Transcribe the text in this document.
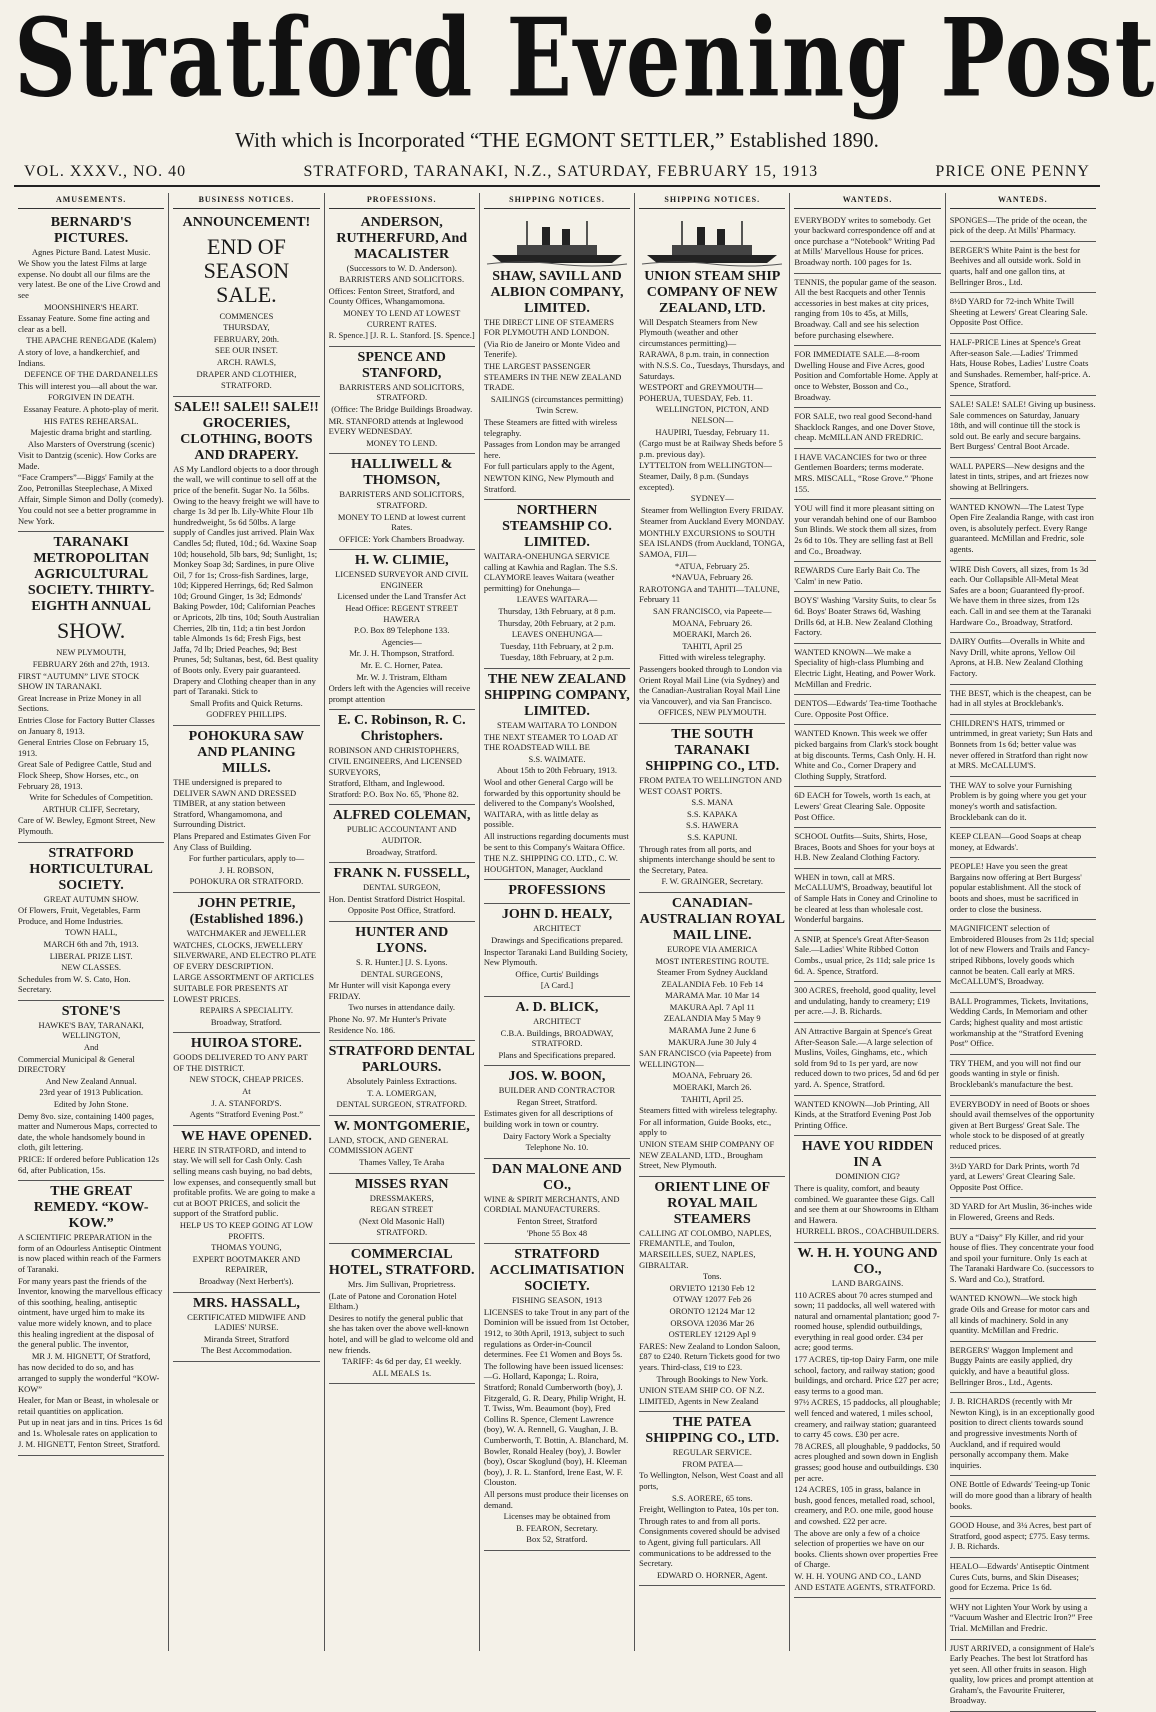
Stratford Evening Post
With which is Incorporated “THE EGMONT SETTLER,” Established 1890.
VOL. XXXV., NO. 40	STRATFORD, TARANAKI, N.Z., SATURDAY, FEBRUARY 15, 1913	PRICE ONE PENNY
AMUSEMENTS.
BERNARD'S PICTURES.

Agnes Picture Band. Latest Music.

We Show you the latest Films at large expense. No doubt all our films are the very latest. Be one of the Live Crowd and see

MOONSHINER'S HEART.

Essanay Feature. Some fine acting and clear as a bell.

THE APACHE RENEGADE (Kalem)

A story of love, a handkerchief, and Indians.

DEFENCE OF THE DARDANELLES

This will interest you—all about the war.

FORGIVEN IN DEATH.

Essanay Feature. A photo-play of merit.

HIS FATES REHEARSAL.

Majestic drama bright and startling.

Also Marsters of Overstrung (scenic)

Visit to Dantzig (scenic). How Corks are Made.

“Face Crampers”—Biggs' Family at the Zoo, Petronillas Steeplechase, A Mixed Affair, Simple Simon and Dolly (comedy).

You could not see a better programme in New York.

TARANAKI METROPOLITAN AGRICULTURAL SOCIETY. THIRTY-EIGHTH ANNUAL
SHOW.

NEW PLYMOUTH,

FEBRUARY 26th and 27th, 1913.

FIRST “AUTUMN” LIVE STOCK SHOW IN TARANAKI.

Great Increase in Prize Money in all Sections.

Entries Close for Factory Butter Classes on January 8, 1913.

General Entries Close on February 15, 1913.

Great Sale of Pedigree Cattle, Stud and Flock Sheep, Show Horses, etc., on February 28, 1913.

Write for Schedules of Competition.

ARTHUR CLIFF, Secretary,

Care of W. Bewley, Egmont Street, New Plymouth.

STRATFORD HORTICULTURAL SOCIETY.

GREAT AUTUMN SHOW.

Of Flowers, Fruit, Vegetables, Farm Produce, and Home Industries.

TOWN HALL,

MARCH 6th and 7th, 1913.

LIBERAL PRIZE LIST.

NEW CLASSES.

Schedules from W. S. Cato, Hon. Secretary.

STONE'S

HAWKE'S BAY, TARANAKI, WELLINGTON,

And

Commercial Municipal & General DIRECTORY

And New Zealand Annual.

23rd year of 1913 Publication.

Edited by John Stone.

Demy 8vo. size, containing 1400 pages, matter and Numerous Maps, corrected to date, the whole handsomely bound in cloth, gilt lettering.

PRICE: If ordered before Publication 12s 6d, after Publication, 15s.

THE GREAT REMEDY. “KOW-KOW.”

A SCIENTIFIC PREPARATION in the form of an Odourless Antiseptic Ointment is now placed within reach of the Farmers of Taranaki.

For many years past the friends of the Inventor, knowing the marvellous efficacy of this soothing, healing, antiseptic ointment, have urged him to make its value more widely known, and to place this healing ingredient at the disposal of the general public. The inventor,

MR J. M. HIGNETT, Of Stratford,

has now decided to do so, and has arranged to supply the wonderful “KOW-KOW”

Healer, for Man or Beast, in wholesale or retail quantities on application.

Put up in neat jars and in tins. Prices 1s 6d and 1s. Wholesale rates on application to

J. M. HIGNETT, Fenton Street, Stratford.

BUSINESS NOTICES.
ANNOUNCEMENT!
END OF SEASON SALE.

COMMENCES

THURSDAY,

FEBRUARY, 20th.

SEE OUR INSET.

ARCH. RAWLS,

DRAPER AND CLOTHIER,

STRATFORD.

SALE!! SALE!! SALE!! GROCERIES, CLOTHING, BOOTS AND DRAPERY.

AS My Landlord objects to a door through the wall, we will continue to sell off at the price of the benefit. Sugar No. 1a 56lbs. Owing to the heavy freight we will have to charge 1s 3d per lb. Lily-White Flour 1lb hundredweight, 5s 6d 50lbs. A large supply of Candles just arrived. Plain Wax Candles 5d; fluted, 10d.; 6d. Waxine Soap 10d; household, 5lb bars, 9d; Sunlight, 1s; Monkey Soap 3d; Sardines, in pure Olive Oil, 7 for 1s; Cross-fish Sardines, large, 10d; Kippered Herrings, 6d; Red Salmon 10d; Ground Ginger, 1s 3d; Edmonds' Baking Powder, 10d; Californian Peaches or Apricots, 2lb tins, 10d; South Australian Cherries, 2lb tin, 11d; a tin best Jordon table Almonds 1s 6d; Fresh Figs, best Jaffa, 7d lb; Dried Peaches, 9d; Best Prunes, 5d; Sultanas, best, 6d. Best quality of Boots only. Every pair guaranteed. Drapery and Clothing cheaper than in any part of Taranaki. Stick to

Small Profits and Quick Returns.

GODFREY PHILLIPS.

POHOKURA SAW AND PLANING MILLS.

THE undersigned is prepared to DELIVER SAWN AND DRESSED TIMBER, at any station between Stratford, Whangamomona, and Surrounding District.

Plans Prepared and Estimates Given For Any Class of Building.

For further particulars, apply to—

J. H. ROBSON,

POHOKURA OR STRATFORD.

JOHN PETRIE, (Established 1896.)

WATCHMAKER and JEWELLER

WATCHES, CLOCKS, JEWELLERY SILVERWARE, AND ELECTRO PLATE OF EVERY DESCRIPTION.

LARGE ASSORTMENT OF ARTICLES SUITABLE FOR PRESENTS AT LOWEST PRICES.

REPAIRS A SPECIALITY.

Broadway, Stratford.

HUIROA STORE.

GOODS DELIVERED TO ANY PART OF THE DISTRICT.

NEW STOCK, CHEAP PRICES.

At

J. A. STANFORD'S.

Agents “Stratford Evening Post.”

WE HAVE OPENED.

HERE IN STRATFORD, and intend to stay. We will sell for Cash Only. Cash selling means cash buying, no bad debts, low expenses, and consequently small but profitable profits. We are going to make a cut at BOOT PRICES, and solicit the support of the Stratford public.

HELP US TO KEEP GOING AT LOW PROFITS.

THOMAS YOUNG,

EXPERT BOOTMAKER AND REPAIRER,

Broadway (Next Herbert's).

MRS. HASSALL,

CERTIFICATED MIDWIFE AND LADIES' NURSE.

Miranda Street, Stratford

The Best Accommodation.

PROFESSIONS.
ANDERSON, RUTHERFURD, And MACALISTER

(Successors to W. D. Anderson).

BARRISTERS AND SOLICITORS.

Offices: Fenton Street, Stratford, and County Offices, Whangamomona.

MONEY TO LEND AT LOWEST CURRENT RATES.

R. Spence.] [J. R. L. Stanford. [S. Spence.]

SPENCE AND STANFORD,

BARRISTERS AND SOLICITORS, STRATFORD.

(Office: The Bridge Buildings Broadway.

MR. STANFORD attends at Inglewood EVERY WEDNESDAY.

MONEY TO LEND.

HALLIWELL & THOMSON,

BARRISTERS AND SOLICITORS, STRATFORD.

MONEY TO LEND at lowest current Rates.

OFFICE: York Chambers Broadway.

H. W. CLIMIE,

LICENSED SURVEYOR AND CIVIL ENGINEER

Licensed under the Land Transfer Act

Head Office: REGENT STREET HAWERA

P.O. Box 89 Telephone 133.

Agencies—

Mr. J. H. Thompson, Stratford.

Mr. E. C. Horner, Patea.

Mr. W. J. Tristram, Eltham

Orders left with the Agencies will receive prompt attention

E. C. Robinson, R. C. Christophers.

ROBINSON AND CHRISTOPHERS, CIVIL ENGINEERS, And LICENSED SURVEYORS,

Stratford, Eltham, and Inglewood. Stratford: P.O. Box No. 65, 'Phone 82.

ALFRED COLEMAN,

PUBLIC ACCOUNTANT AND AUDITOR.

Broadway, Stratford.

FRANK N. FUSSELL,

DENTAL SURGEON,

Hon. Dentist Stratford District Hospital.

Opposite Post Office, Stratford.

HUNTER AND LYONS.

S. R. Hunter.] [J. S. Lyons.

DENTAL SURGEONS,

Mr Hunter will visit Kaponga every FRIDAY.

Two nurses in attendance daily.

Phone No. 97. Mr Hunter's Private Residence No. 186.

STRATFORD DENTAL PARLOURS.

Absolutely Painless Extractions.

T. A. LOMERGAN,

DENTAL SURGEON, STRATFORD.

W. MONTGOMERIE,

LAND, STOCK, AND GENERAL COMMISSION AGENT

Thames Valley, Te Araha

MISSES RYAN

DRESSMAKERS,

REGAN STREET

(Next Old Masonic Hall)

STRATFORD.

COMMERCIAL HOTEL, STRATFORD.

Mrs. Jim Sullivan, Proprietress.

(Late of Patone and Coronation Hotel Eltham.)

Desires to notify the general public that she has taken over the above well-known hotel, and will be glad to welcome old and new friends.

TARIFF: 4s 6d per day, £1 weekly.

ALL MEALS 1s.

SHIPPING NOTICES.
SHAW, SAVILL AND ALBION COMPANY, LIMITED.

THE DIRECT LINE OF STEAMERS FOR PLYMOUTH AND LONDON.

(Via Rio de Janeiro or Monte Video and Tenerife).

THE LARGEST PASSENGER STEAMERS IN THE NEW ZEALAND TRADE.

SAILINGS (circumstances permitting)

Twin Screw.

These Steamers are fitted with wireless telegraphy.

Passages from London may be arranged here.

For full particulars apply to the Agent,

NEWTON KING, New Plymouth and Stratford.

NORTHERN STEAMSHIP CO. LIMITED.

WAITARA-ONEHUNGA SERVICE calling at Kawhia and Raglan. The S.S. CLAYMORE leaves Waitara (weather permitting) for Onehunga—

LEAVES WAITARA—

Thursday, 13th February, at 8 p.m.

Thursday, 20th February, at 2 p.m.

LEAVES ONEHUNGA—

Tuesday, 11th February, at 2 p.m.

Tuesday, 18th February, at 2 p.m.

THE NEW ZEALAND SHIPPING COMPANY, LIMITED.

STEAM WAITARA TO LONDON

THE NEXT STEAMER TO LOAD AT THE ROADSTEAD WILL BE

S.S. WAIMATE.

About 15th to 20th February, 1913.

Wool and other General Cargo will be forwarded by this opportunity should be delivered to the Company's Woolshed, WAITARA, with as little delay as possible.

All instructions regarding documents must be sent to this Company's Waitara Office.

THE N.Z. SHIPPING CO. LTD., C. W. HOUGHTON, Manager, Auckland

PROFESSIONS
JOHN D. HEALY,

ARCHITECT

Drawings and Specifications prepared.

Inspector Taranaki Land Building Society, New Plymouth.

Office, Curtis' Buildings

[A Card.]

A. D. BLICK,

ARCHITECT

C.B.A. Buildings, BROADWAY, STRATFORD.

Plans and Specifications prepared.

JOS. W. BOON,

BUILDER AND CONTRACTOR

Regan Street, Stratford.

Estimates given for all descriptions of building work in town or country.

Dairy Factory Work a Specialty

Telephone No. 10.

DAN MALONE AND CO.,

WINE & SPIRIT MERCHANTS, AND CORDIAL MANUFACTURERS.

Fenton Street, Stratford

'Phone 55 Box 48

STRATFORD ACCLIMATISATION SOCIETY.

FISHING SEASON, 1913

LICENSES to take Trout in any part of the Dominion will be issued from 1st October, 1912, to 30th April, 1913, subject to such regulations as Order-in-Council determines. Fee £1 Women and Boys 5s.

The following have been issued licenses:—G. Hollard, Kaponga; L. Roira, Stratford; Ronald Cumberworth (boy), J. Fitzgerald, G. R. Deary, Philip Wright, H. T. Twiss, Wm. Beaumont (boy), Fred Collins R. Spence, Clement Lawrence (boy), W. A. Rennell, G. Vaughan, J. B. Cumberworth, T. Bottin, A. Blanchard, M. Bowler, Ronald Healey (boy), J. Bowler (boy), Oscar Skoglund (boy), H. Kleeman (boy), J. R. L. Stanford, Irene East, W. F. Clouston.

All persons must produce their licenses on demand.

Licenses may be obtained from

B. FEARON, Secretary.

Box 52, Stratford.

SHIPPING NOTICES.
UNION STEAM SHIP COMPANY OF NEW ZEALAND, LTD.

Will Despatch Steamers from New Plymouth (weather and other circumstances permitting)—

RARAWA, 8 p.m. train, in connection with N.S.S. Co., Tuesdays, Thursdays, and Saturdays.

WESTPORT and GREYMOUTH—POHERUA, TUESDAY, Feb. 11.

WELLINGTON, PICTON, AND NELSON—

HAUPIRI, Tuesday, February 11.

(Cargo must be at Railway Sheds before 5 p.m. previous day).

LYTTELTON from WELLINGTON—Steamer, Daily, 8 p.m. (Sundays excepted).

SYDNEY—

Steamer from Wellington Every FRIDAY.

Steamer from Auckland Every MONDAY.

MONTHLY EXCURSIONS to SOUTH SEA ISLANDS (from Auckland, TONGA, SAMOA, FIJI—

*ATUA, February 25.

*NAVUA, February 26.

RAROTONGA and TAHITI—TALUNE, February 11

SAN FRANCISCO, via Papeete—

MOANA, February 26.

MOERAKI, March 26.

TAHITI, April 25

Fitted with wireless telegraphy.

Passengers booked through to London via Orient Royal Mail Line (via Sydney) and the Canadian-Australian Royal Mail Line via Vancouver), and via San Francisco.

OFFICES, NEW PLYMOUTH.

THE SOUTH TARANAKI SHIPPING CO., LTD.

FROM PATEA TO WELLINGTON AND WEST COAST PORTS.

S.S. MANA

S.S. KAPAKA

S.S. HAWERA

S.S. KAPUNI.

Through rates from all ports, and shipments interchange should be sent to the Secretary, Patea.

F. W. GRAINGER, Secretary.

CANADIAN-AUSTRALIAN ROYAL MAIL LINE.

EUROPE VIA AMERICA

MOST INTERESTING ROUTE.

Steamer From Sydney Auckland

ZEALANDIA Feb. 10 Feb 14

MARAMA Mar. 10 Mar 14

MAKURA Apl. 7 Apl 11

ZEALANDIA May 5 May 9

MARAMA June 2 June 6

MAKURA June 30 July 4

SAN FRANCISCO (via Papeete) from WELLINGTON—

MOANA, February 26.

MOERAKI, March 26.

TAHITI, April 25.

Steamers fitted with wireless telegraphy.

For all information, Guide Books, etc., apply to

UNION STEAM SHIP COMPANY OF NEW ZEALAND, LTD., Brougham Street, New Plymouth.

ORIENT LINE OF ROYAL MAIL STEAMERS

CALLING AT COLOMBO, NAPLES, FREMANTLE, and Toulon, MARSEILLES, SUEZ, NAPLES, GIBRALTAR.

Tons.

ORVIETO 12130 Feb 12

OTWAY 12077 Feb 26

ORONTO 12124 Mar 12

ORSOVA 12036 Mar 26

OSTERLEY 12129 Apl 9

FARES: New Zealand to London Saloon, £87 to £240. Return Tickets good for two years. Third-class, £19 to £23.

Through Bookings to New York.

UNION STEAM SHIP CO. OF N.Z. LIMITED, Agents in New Zealand

THE PATEA SHIPPING CO., LTD.

REGULAR SERVICE.

FROM PATEA—

To Wellington, Nelson, West Coast and all ports,

S.S. AORERE, 65 tons.

Freight, Wellington to Patea, 10s per ton.

Through rates to and from all ports. Consignments covered should be advised to Agent, giving full particulars. All communications to be addressed to the Secretary.

EDWARD O. HORNER, Agent.

WANTEDS.

EVERYBODY writes to somebody. Get your backward correspondence off and at once purchase a “Notebook” Writing Pad at Mills' Marvellous House for prices. Broadway north. 100 pages for 1s.

TENNIS, the popular game of the season. All the best Racquets and other Tennis accessories in best makes at city prices, ranging from 10s to 45s, at Mills, Broadway. Call and see his selection before purchasing elsewhere.

FOR IMMEDIATE SALE.—8-room Dwelling House and Five Acres, good Position and Comfortable Home. Apply at once to Webster, Bosson and Co., Broadway.

FOR SALE, two real good Second-hand Shacklock Ranges, and one Dover Stove, cheap. McMILLAN AND FREDRIC.

I HAVE VACANCIES for two or three Gentlemen Boarders; terms moderate. MRS. MISCALL, “Rose Grove.” 'Phone 155.

YOU will find it more pleasant sitting on your verandah behind one of our Bamboo Sun Blinds. We stock them all sizes, from 2s 6d to 10s. They are selling fast at Bell and Co., Broadway.

REWARDS Cure Early Bait Co. The 'Calm' in new Patio.

BOYS' Washing 'Varsity Suits, to clear 5s 6d. Boys' Boater Straws 6d, Washing Drills 6d, at H.B. New Zealand Clothing Factory.

WANTED KNOWN—We make a Speciality of high-class Plumbing and Electric Light, Heating, and Power Work. McMillan and Fredric.

DENTOS—Edwards' Tea-time Toothache Cure. Opposite Post Office.

WANTED Known. This week we offer picked bargains from Clark's stock bought at big discounts. Terms, Cash Only. H. H. White and Co., Corner Drapery and Clothing Supply, Stratford.

6D EACH for Towels, worth 1s each, at Lewers' Great Clearing Sale. Opposite Post Office.

SCHOOL Outfits—Suits, Shirts, Hose, Braces, Boots and Shoes for your boys at H.B. New Zealand Clothing Factory.

WHEN in town, call at MRS. McCALLUM'S, Broadway, beautiful lot of Sample Hats in Coney and Crinoline to be cleared at less than wholesale cost. Wonderful bargains.

A SNIP, at Spence's Great After-Season Sale.—Ladies' White Ribbed Cotton Combs., usual price, 2s 11d; sale price 1s 6d. A. Spence, Stratford.

300 ACRES, freehold, good quality, level and undulating, handy to creamery; £19 per acre.—J. B. Richards.

AN Attractive Bargain at Spence's Great After-Season Sale.—A large selection of Muslins, Voiles, Ginghams, etc., which sold from 9d to 1s per yard, are now reduced down to two prices, 5d and 6d per yard. A. Spence, Stratford.

WANTED KNOWN—Job Printing, All Kinds, at the Stratford Evening Post Job Printing Office.

HAVE YOU RIDDEN IN A

DOMINION CIG?

There is quality, comfort, and beauty combined. We guarantee these Gigs. Call and see them at our Showrooms in Eltham and Hawera.

HURRELL BROS., COACHBUILDERS.

W. H. H. YOUNG AND CO.,

LAND BARGAINS.

110 ACRES about 70 acres stumped and sown; 11 paddocks, all well watered with natural and ornamental plantation; good 7-roomed house, splendid outbuildings, everything in real good order. £34 per acre; good terms.

177 ACRES, tip-top Dairy Farm, one mile school, factory, and railway station; good buildings, and orchard. Price £27 per acre; easy terms to a good man.

97½ ACRES, 15 paddocks, all ploughable; well fenced and watered, 1 miles school, creamery, and railway station; guaranteed to carry 45 cows. £30 per acre.

78 ACRES, all ploughable, 9 paddocks, 50 acres ploughed and sown down in English grasses; good house and outbuildings. £30 per acre.

124 ACRES, 105 in grass, balance in bush, good fences, metalled road, school, creamery, and P.O. one mile, good house and cowshed. £22 per acre.

The above are only a few of a choice selection of properties we have on our books. Clients shown over properties Free of Charge.

W. H. H. YOUNG AND CO., LAND AND ESTATE AGENTS, STRATFORD.

WANTEDS.

SPONGES—The pride of the ocean, the pick of the deep. At Mills' Pharmacy.

BERGER'S White Paint is the best for Beehives and all outside work. Sold in quarts, half and one gallon tins, at Bellringer Bros., Ltd.

8½D YARD for 72-inch White Twill Sheeting at Lewers' Great Clearing Sale. Opposite Post Office.

HALF-PRICE Lines at Spence's Great After-season Sale.—Ladies' Trimmed Hats, House Robes, Ladies' Lustre Coats and Sunshades. Remember, half-price. A. Spence, Stratford.

SALE! SALE! SALE! Giving up business. Sale commences on Saturday, January 18th, and will continue till the stock is sold out. Be early and secure bargains. Bert Burgess' Central Boot Arcade.

WALL PAPERS—New designs and the latest in tints, stripes, and art friezes now showing at Bellringers.

WANTED KNOWN—The Latest Type Open Fire Zealandia Range, with cast iron oven, is absolutely perfect. Every Range guaranteed. McMillan and Fredric, sole agents.

WIRE Dish Covers, all sizes, from 1s 3d each. Our Collapsible All-Metal Meat Safes are a boon; Guaranteed fly-proof. We have them in three sizes, from 12s each. Call in and see them at the Taranaki Hardware Co., Broadway, Stratford.

DAIRY Outfits—Overalls in White and Navy Drill, white aprons, Yellow Oil Aprons, at H.B. New Zealand Clothing Factory.

THE BEST, which is the cheapest, can be had in all styles at Brocklebank's.

CHILDREN'S HATS, trimmed or untrimmed, in great variety; Sun Hats and Bonnets from 1s 6d; better value was never offered in Stratford than right now at MRS. McCALLUM'S.

THE WAY to solve your Furnishing Problem is by going where you get your money's worth and satisfaction. Brocklebank can do it.

KEEP CLEAN—Good Soaps at cheap money, at Edwards'.

PEOPLE! Have you seen the great Bargains now offering at Bert Burgess' popular establishment. All the stock of boots and shoes, must be sacrificed in order to close the business.

MAGNIFICENT selection of Embroidered Blouses from 2s 11d; special lot of new Flowers and Trails and Fancy-striped Ribbons, lovely goods which cannot be beaten. Call early at MRS. McCALLUM'S, Broadway.

BALL Programmes, Tickets, Invitations, Wedding Cards, In Memoriam and other Cards; highest quality and most artistic workmanship at the “Stratford Evening Post” Office.

TRY THEM, and you will not find our goods wanting in style or finish. Brocklebank's manufacture the best.

EVERYBODY in need of Boots or shoes should avail themselves of the opportunity given at Bert Burgess' Great Sale. The whole stock to be disposed of at greatly reduced prices.

3½D YARD for Dark Prints, worth 7d yard, at Lewers' Great Clearing Sale. Opposite Post Office.

3D YARD for Art Muslin, 36-inches wide in Flowered, Greens and Reds.

BUY a “Daisy” Fly Killer, and rid your house of flies. They concentrate your food and spoil your furniture. Only 1s each at The Taranaki Hardware Co. (successors to S. Ward and Co.), Stratford.

WANTED KNOWN—We stock high grade Oils and Grease for motor cars and all kinds of machinery. Sold in any quantity. McMillan and Fredric.

BERGERS' Waggon Implement and Buggy Paints are easily applied, dry quickly, and have a beautiful gloss. Bellringer Bros., Ltd., Agents.

J. B. RICHARDS (recently with Mr Newton King), is in an exceptionally good position to direct clients towards sound and progressive investments North of Auckland, and if required would personally accompany them. Make inquiries.

ONE Bottle of Edwards' Teeing-up Tonic will do more good than a library of health books.

GOOD House, and 3¼ Acres, best part of Stratford, good aspect; £775. Easy terms. J. B. Richards.

HEALO—Edwards' Antiseptic Ointment Cures Cuts, burns, and Skin Diseases; good for Eczema. Price 1s 6d.

WHY not Lighten Your Work by using a “Vacuum Washer and Electric Iron?” Free Trial. McMillan and Fredric.

JUST ARRIVED, a consignment of Hale's Early Peaches. The best lot Stratford has yet seen. All other fruits in season. High quality, low prices and prompt attention at Graham's, the Favourite Fruiterer, Broadway.
